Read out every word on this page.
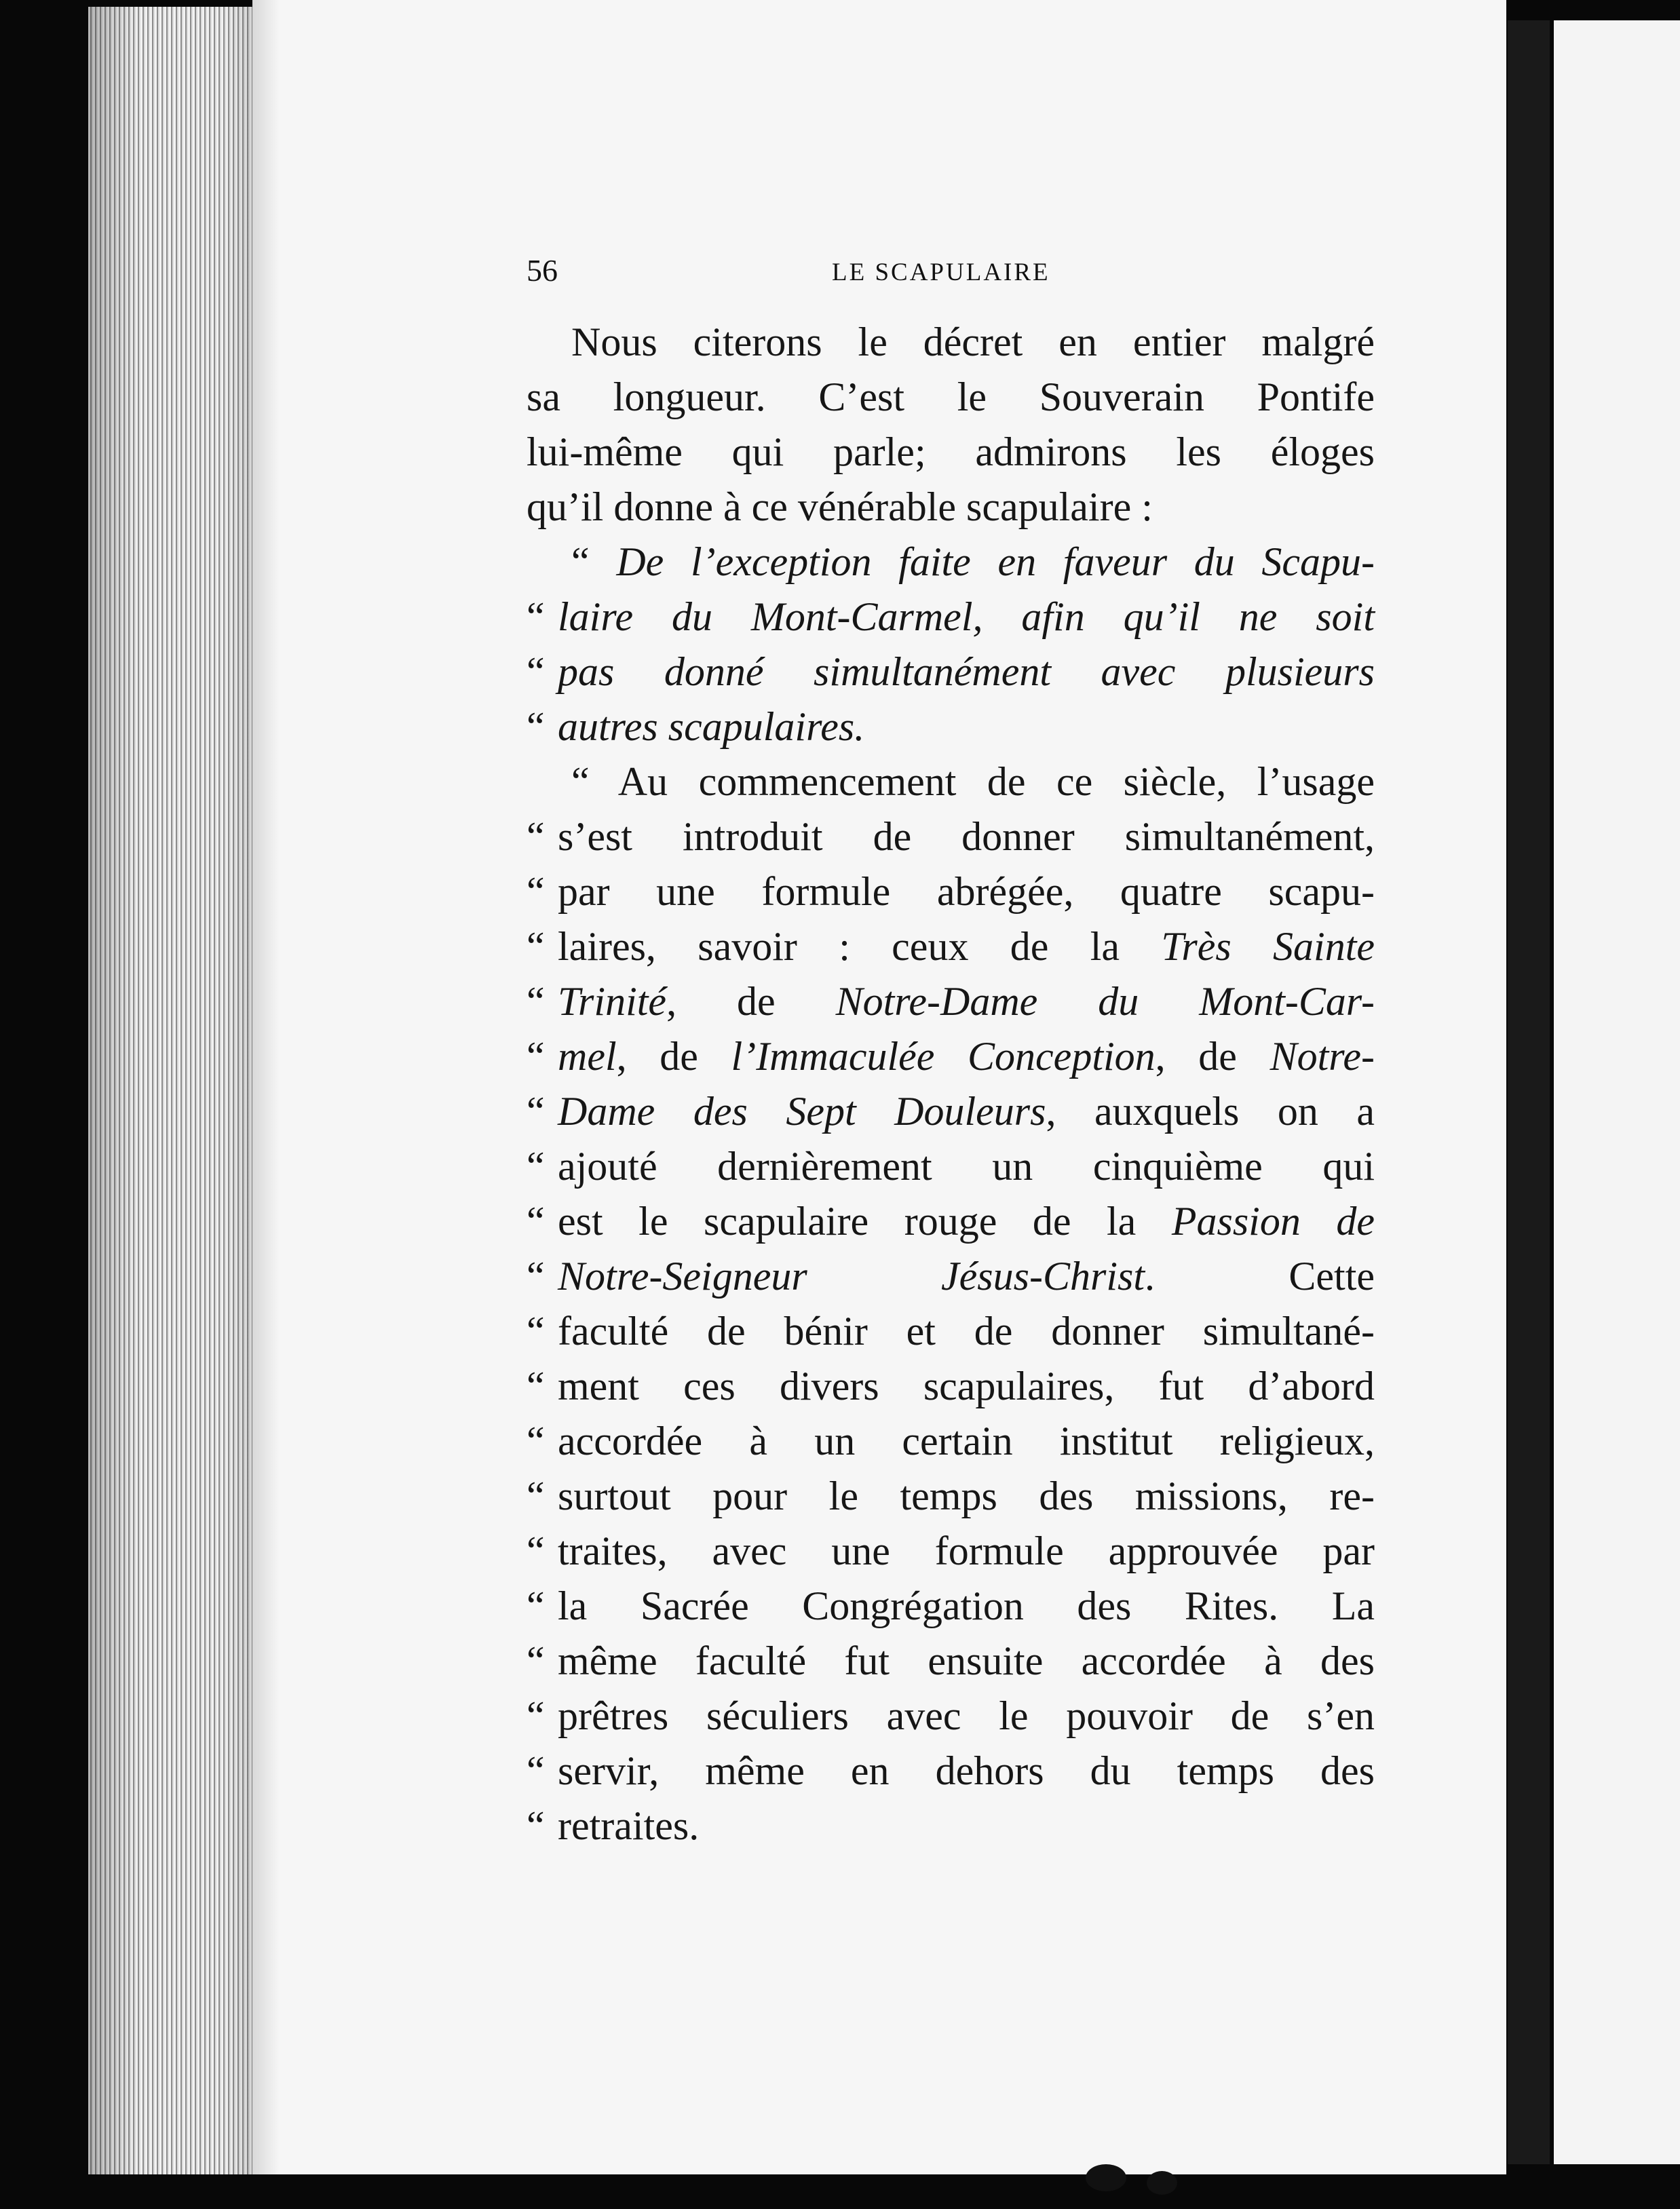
56	LE SCAPULAIRE
Nous citerons le décret en entier malgré
sa longueur. C’est le Souverain Pontife
lui-même qui parle; admirons les éloges
qu’il donne à ce vénérable scapulaire :
“ De l’exception faite en faveur du Scapu-
“ laire du Mont-Carmel, afin qu’il ne soit
“ pas donné simultanément avec plusieurs
“ autres scapulaires.
“ Au commencement de ce siècle, l’usage
“ s’est introduit de donner simultanément,
“ par une formule abrégée, quatre scapu-
“ laires, savoir : ceux de la Très Sainte
“ Trinité, de Notre-Dame du Mont-Car-
“ mel, de l’Immaculée Conception, de Notre-
“ Dame des Sept Douleurs, auxquels on a
“ ajouté dernièrement un cinquième qui
“ est le scapulaire rouge de la Passion de
“ Notre-Seigneur Jésus-Christ. Cette
“ faculté de bénir et de donner simultané-
“ ment ces divers scapulaires, fut d’abord
“ accordée à un certain institut religieux,
“ surtout pour le temps des missions, re-
“ traites, avec une formule approuvée par
“ la Sacrée Congrégation des Rites. La
“ même faculté fut ensuite accordée à des
“ prêtres séculiers avec le pouvoir de s’en
“ servir, même en dehors du temps des
“ retraites.
